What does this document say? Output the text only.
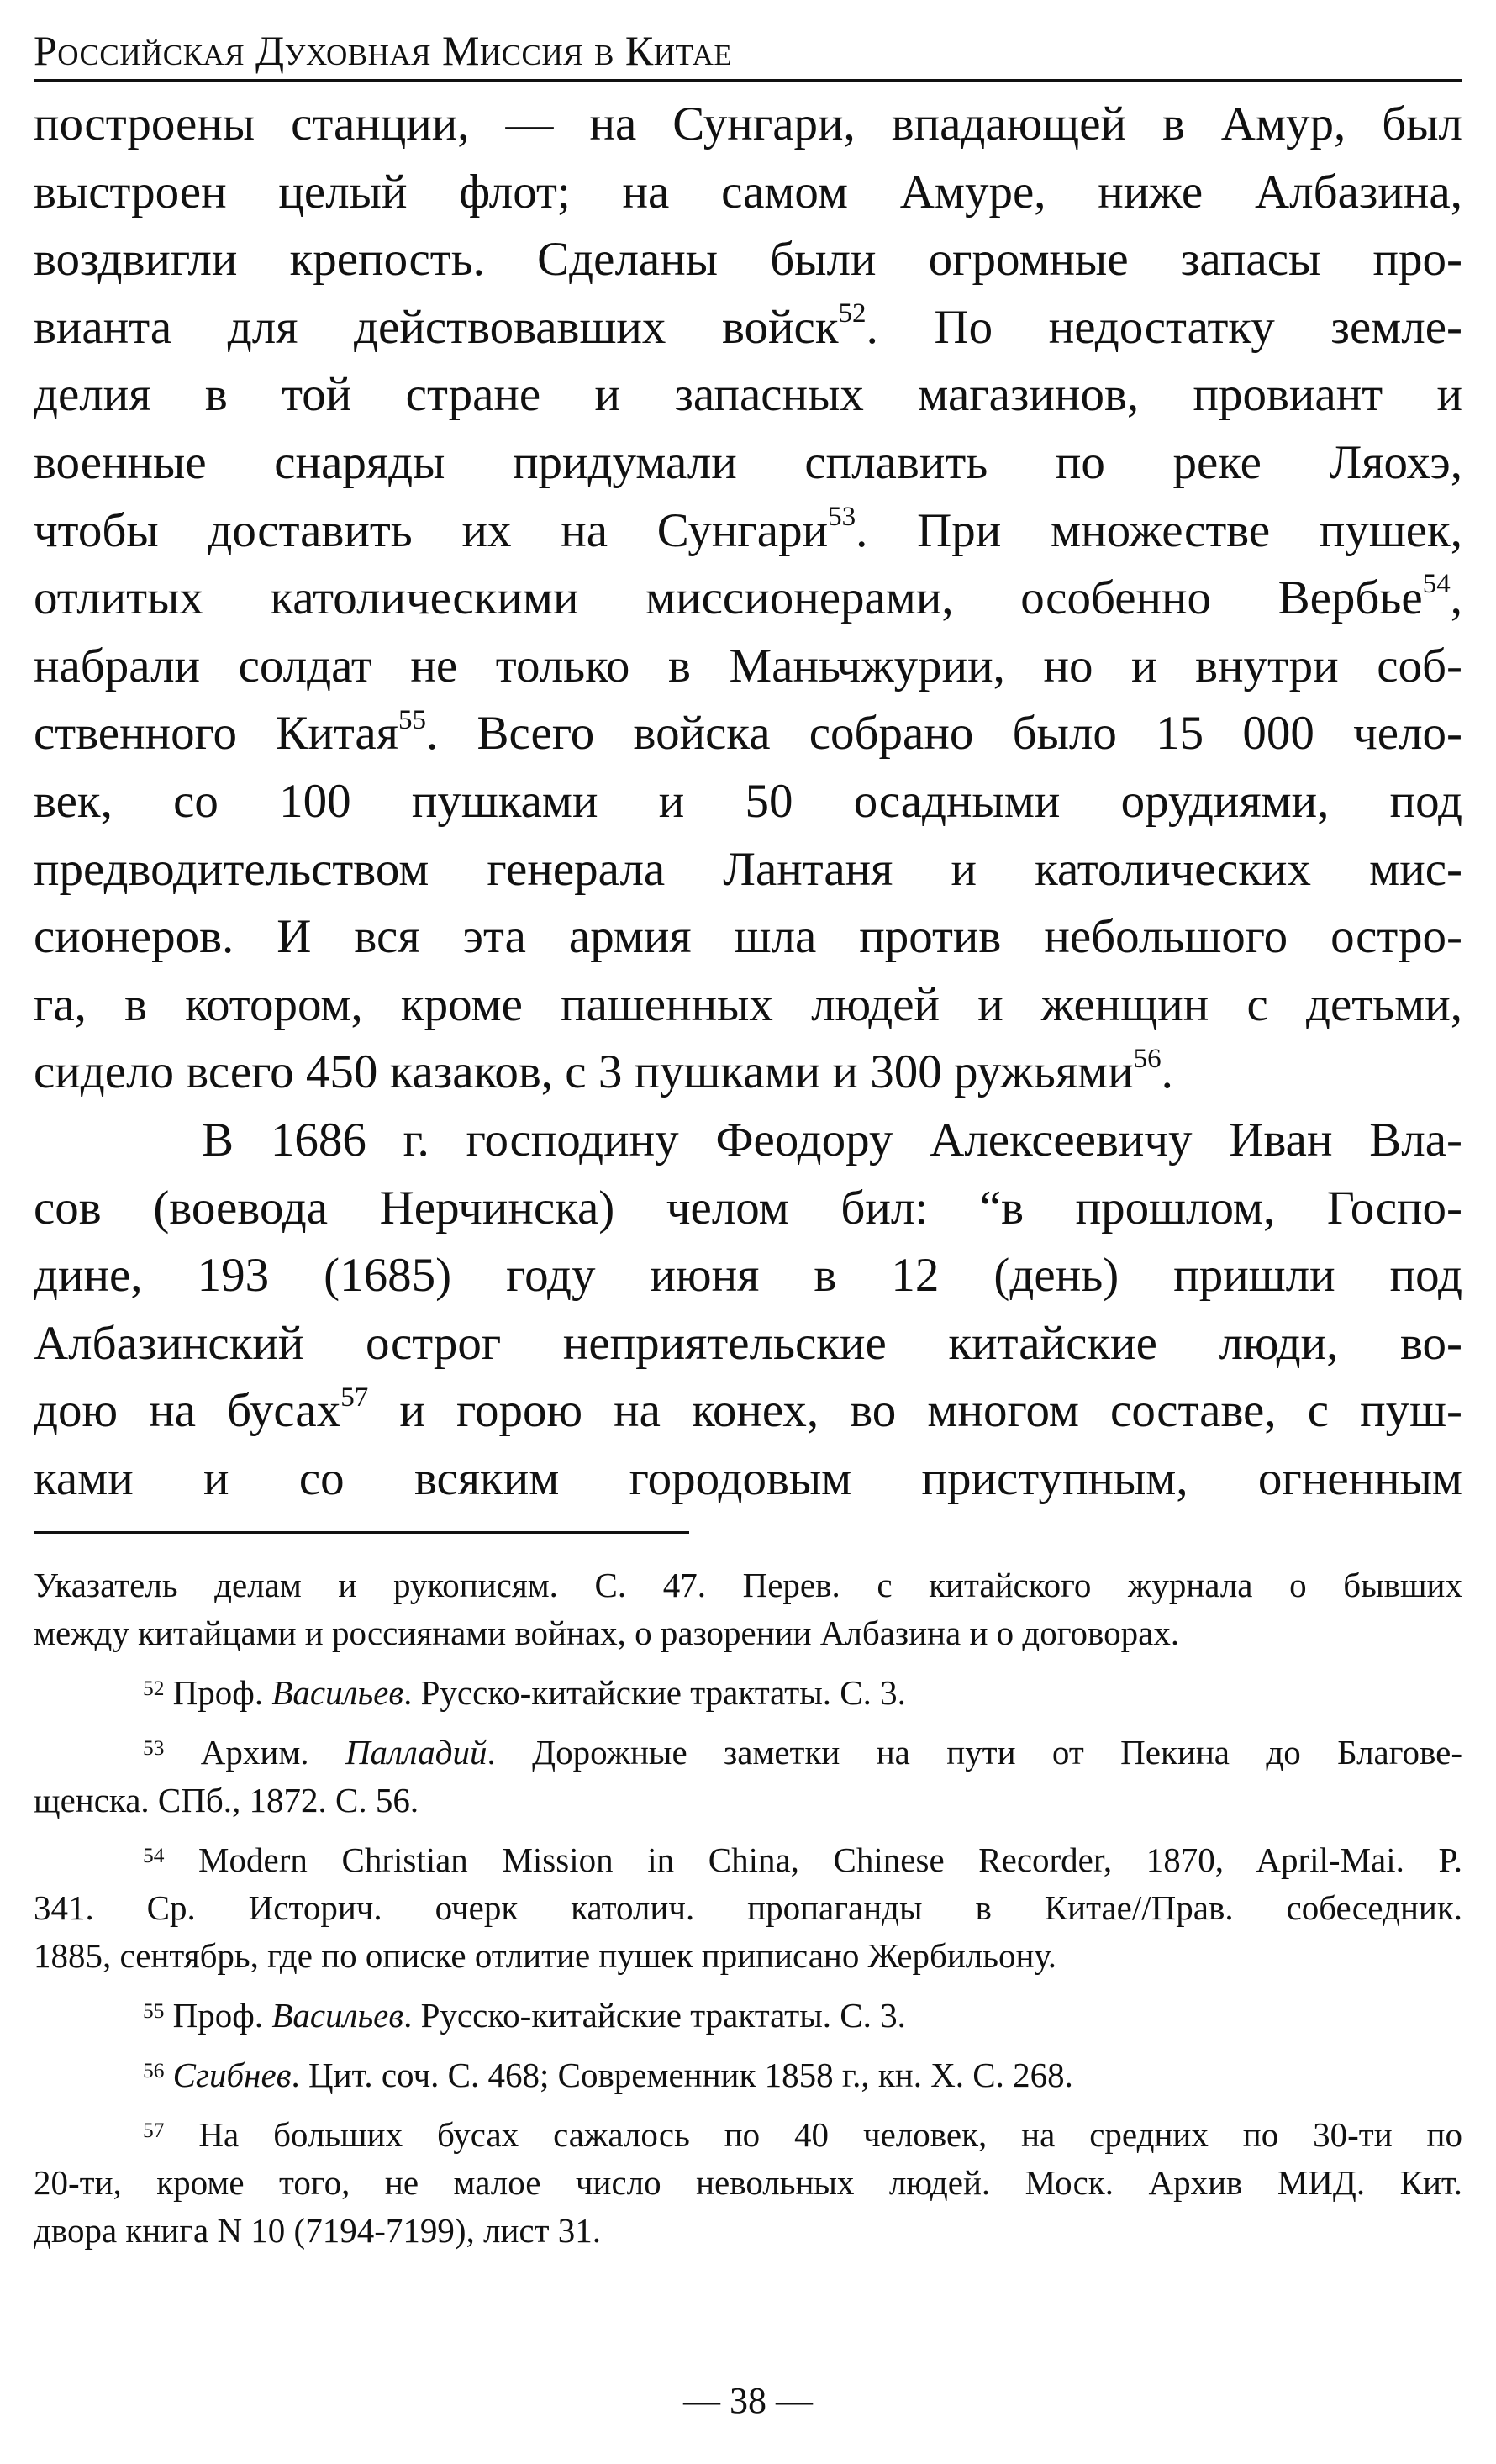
Российская Духовная Миссия в Китае
построены станции, — на Сунгари, впадающей в Амур, был
выстроен целый флот; на самом Амуре, ниже Албазина,
воздвигли крепость. Сделаны были огромные запасы про-
вианта для действовавших войск$^{52}$. По недостатку земле-
делия в той стране и запасных магазинов, провиант и
военные снаряды придумали сплавить по реке Ляохэ,
чтобы доставить их на Сунгари$^{53}$. При множестве пушек,
отлитых католическими миссионерами, особенно Вербье$^{54}$,
набрали солдат не только в Маньчжурии, но и внутри соб-
ственного Китая$^{55}$. Всего войска собрано было 15 000 чело-
век, со 100 пушками и 50 осадными орудиями, под
предводительством генерала Лантаня и католических мис-
сионеров. И вся эта армия шла против небольшого остро-
га, в котором, кроме пашенных людей и женщин с детьми,
сидело всего 450 казаков, с 3 пушками и 300 ружьями$^{56}$.
В 1686 г. господину Феодору Алексеевичу Иван Вла-
сов (воевода Нерчинска) челом бил: “в прошлом, Госпо-
дине, 193 (1685) году июня в 12 (день) пришли под
Албазинский острог неприятельские китайские люди, во-
дою на бусах$^{57}$ и горою на конех, во многом составе, с пуш-
ками и со всяким городовым приступным, огненным
Указатель делам и рукописям. С. 47. Перев. с китайского журнала о бывших
между китайцами и россиянами войнах, о разорении Албазина и о договорах.
$^{52}$ Проф. Васильев. Русско-китайские трактаты. С. 3.
$^{53}$ Архим. Палладий. Дорожные заметки на пути от Пекина до Благове-
щенска. СПб., 1872. С. 56.
$^{54}$ Modern Christian Mission in China, Chinese Recorder, 1870, April-Mai. P.
341. Ср. Историч. очерк католич. пропаганды в Китае//Прав. собеседник.
1885, сентябрь, где по описке отлитие пушек приписано Жербильону.
$^{55}$ Проф. Васильев. Русско-китайские трактаты. С. 3.
$^{56}$ Сгибнев. Цит. соч. С. 468; Современник 1858 г., кн. X. С. 268.
$^{57}$ На больших бусах сажалось по 40 человек, на средних по 30-ти по
20-ти, кроме того, не малое число невольных людей. Моск. Архив МИД. Кит.
двора книга N 10 (7194-7199), лист 31.
— 38 —
